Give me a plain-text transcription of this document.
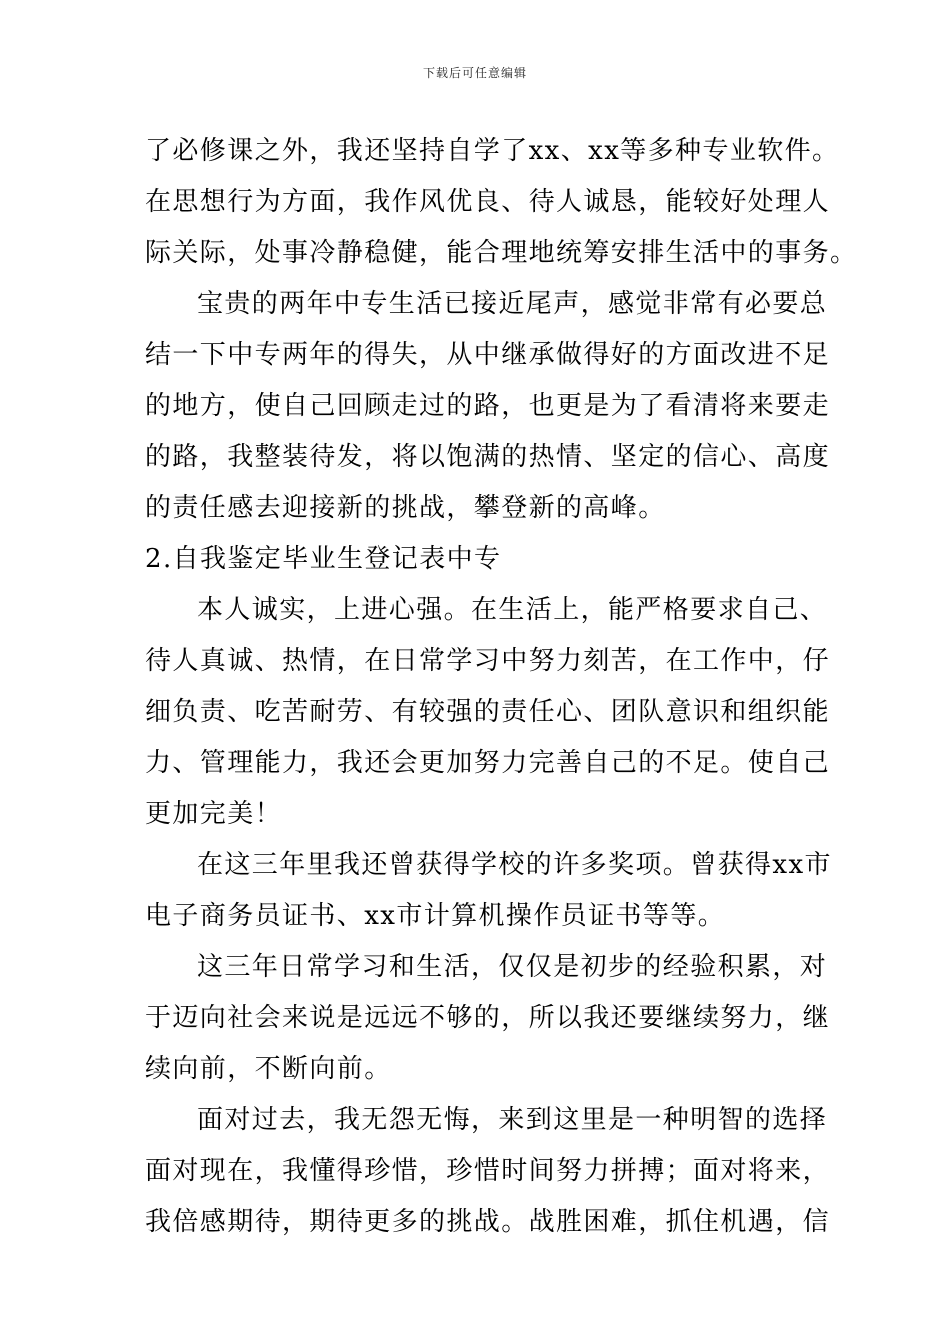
下载后可任意编辑
了必修课之外，我还坚持自学了xx、xx等多种专业软件。
在思想行为方面，我作风优良、待人诚恳，能较好处理人
际关际，处事冷静稳健，能合理地统筹安排生活中的事务。
宝贵的两年中专生活已接近尾声，感觉非常有必要总
结一下中专两年的得失，从中继承做得好的方面改进不足
的地方，使自己回顾走过的路，也更是为了看清将来要走
的路，我整装待发，将以饱满的热情、坚定的信心、高度
的责任感去迎接新的挑战，攀登新的高峰。
2.自我鉴定毕业生登记表中专
本人诚实，上进心强。在生活上，能严格要求自己、
待人真诚、热情，在日常学习中努力刻苦，在工作中，仔
细负责、吃苦耐劳、有较强的责任心、团队意识和组织能
力、管理能力，我还会更加努力完善自己的不足。使自己
更加完美！
在这三年里我还曾获得学校的许多奖项。曾获得xx市
电子商务员证书、xx市计算机操作员证书等等。
这三年日常学习和生活，仅仅是初步的经验积累，对
于迈向社会来说是远远不够的，所以我还要继续努力，继
续向前，不断向前。
面对过去，我无怨无悔，来到这里是一种明智的选择
面对现在，我懂得珍惜，珍惜时间努力拼搏；面对将来，
我倍感期待，期待更多的挑战。战胜困难，抓住机遇，信
